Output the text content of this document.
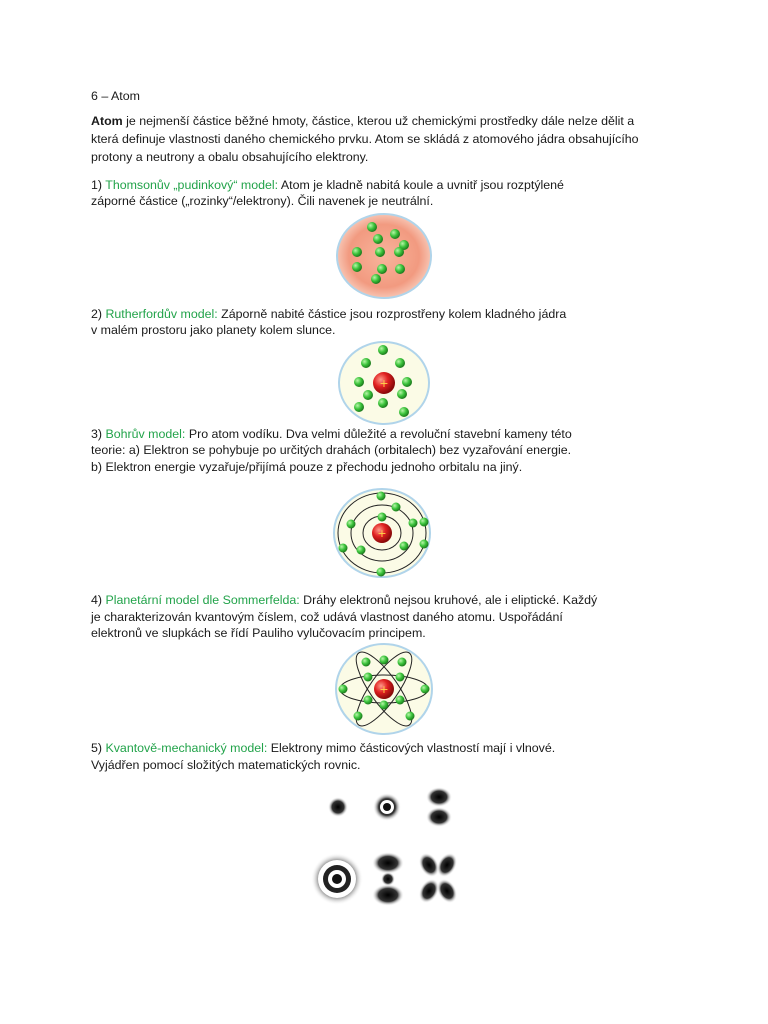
6 – Atom
Atom je nejmenší částice běžné hmoty, částice, kterou už chemickými prostředky dále nelze dělit a
která definuje vlastnosti daného chemického prvku. Atom se skládá z atomového jádra obsahujícího
protony a neutrony a obalu obsahujícího elektrony.
1) Thomsonův „pudinkový“ model: Atom je kladně nabitá koule a uvnitř jsou rozptýlené
záporné částice („rozinky“/elektrony). Čili navenek je neutrální.
2) Rutherfordův model: Záporně nabité částice jsou rozprostřeny kolem kladného jádra
v malém prostoru jako planety kolem slunce.
+
3) Bohrův model: Pro atom vodíku. Dva velmi důležité a revoluční stavební kameny této
teorie: a) Elektron se pohybuje po určitých drahách (orbitalech) bez vyzařování energie.
b) Elektron energie vyzařuje/přijímá pouze z přechodu jednoho orbitalu na jiný.
+
4) Planetární model dle Sommerfelda: Dráhy elektronů nejsou kruhové, ale i eliptické. Každý
je charakterizován kvantovým číslem, což udává vlastnost daného atomu. Uspořádání
elektronů ve slupkách se řídí Pauliho vylučovacím principem.
+
5) Kvantově-mechanický model: Elektrony mimo částicových vlastností mají i vlnové.
Vyjádřen pomocí složitých matematických rovnic.
